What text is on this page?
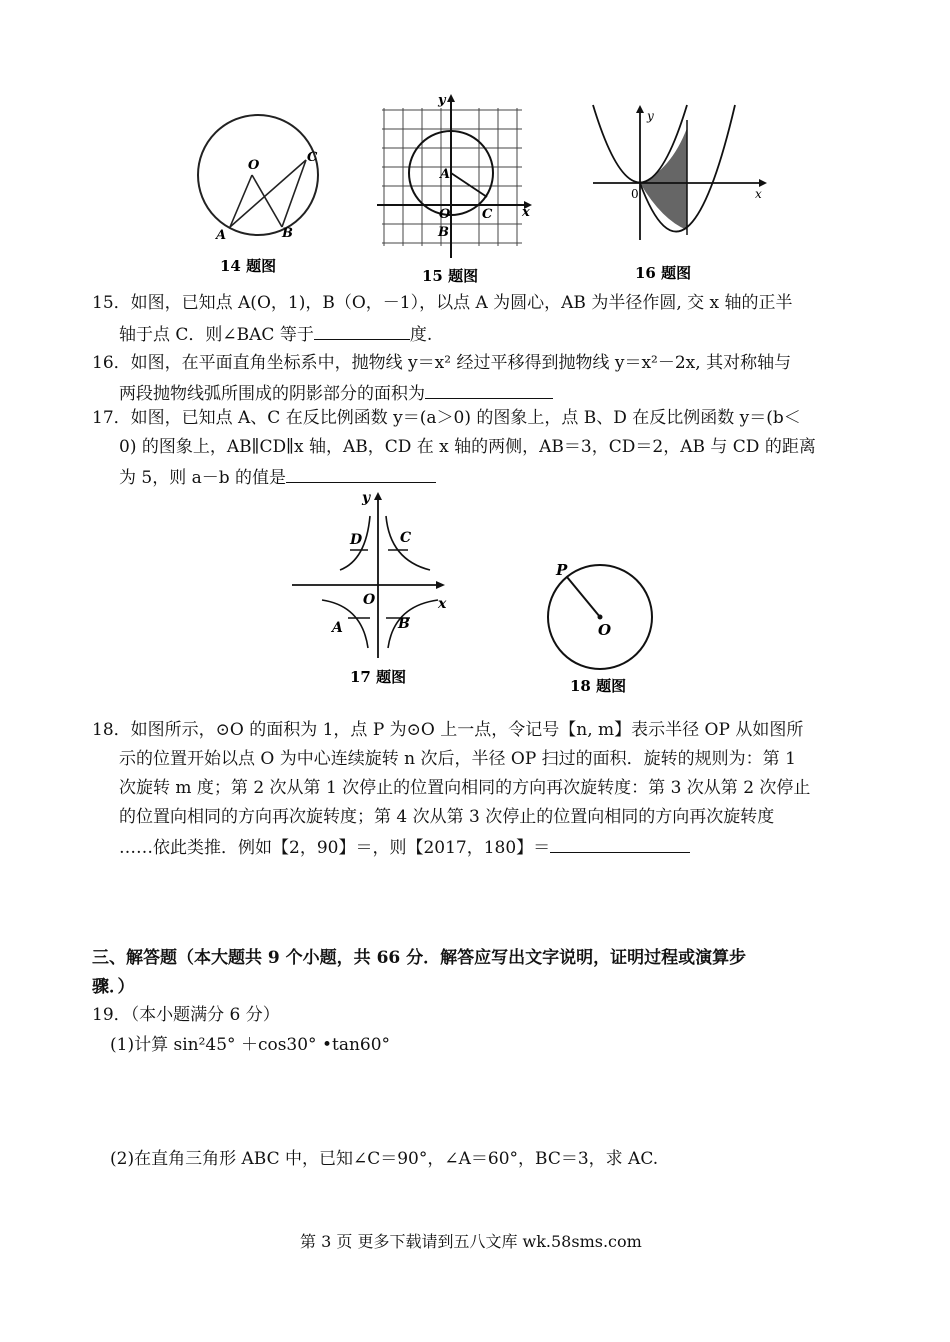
O
C
A	B
14 题图
y
A
O C
B
x
15 题图
y
0	x
16 题图
15．如图，已知点 A(O，1)，B（O，－1），以点 A 为圆心，AB 为半径作圆, 交 x 轴的正半
轴于点 C．则∠BAC 等于	度.
16．如图，在平面直角坐标系中，抛物线 y＝x² 经过平移得到抛物线 y＝x²－2x, 其对称轴与
两段抛物线弧所围成的阴影部分的面积为
17．如图，已知点 A、C 在反比例函数 y＝(a＞0) 的图象上，点 B、D 在反比例函数 y＝(b＜
0) 的图象上，AB∥CD∥x 轴，AB，CD 在 x 轴的两侧，AB＝3，CD＝2，AB 与 CD 的距离
为 5，则 a－b 的值是
y
D	C
O	x
A	B
17 题图
P
O
18 题图
18．如图所示，⊙O 的面积为 1，点 P 为⊙O 上一点，令记号【n, m】表示半径 OP 从如图所
示的位置开始以点 O 为中心连续旋转 n 次后，半径 OP 扫过的面积．旋转的规则为：第 1
次旋转 m 度；第 2 次从第 1 次停止的位置向相同的方向再次旋转度：第 3 次从第 2 次停止
的位置向相同的方向再次旋转度；第 4 次从第 3 次停止的位置向相同的方向再次旋转度
……依此类推．例如【2，90】＝，则【2017，180】＝
三、解答题（本大题共 9 个小题，共 66 分．解答应写出文字说明，证明过程或演算步
骤．）
19．（本小题满分 6 分）
(1)计算 sin²45° ＋cos30° •tan60°
(2)在直角三角形 ABC 中，已知∠C＝90°，∠A＝60°，BC＝3，求 AC.
第 3 页 更多下载请到五八文库 wk.58sms.com
